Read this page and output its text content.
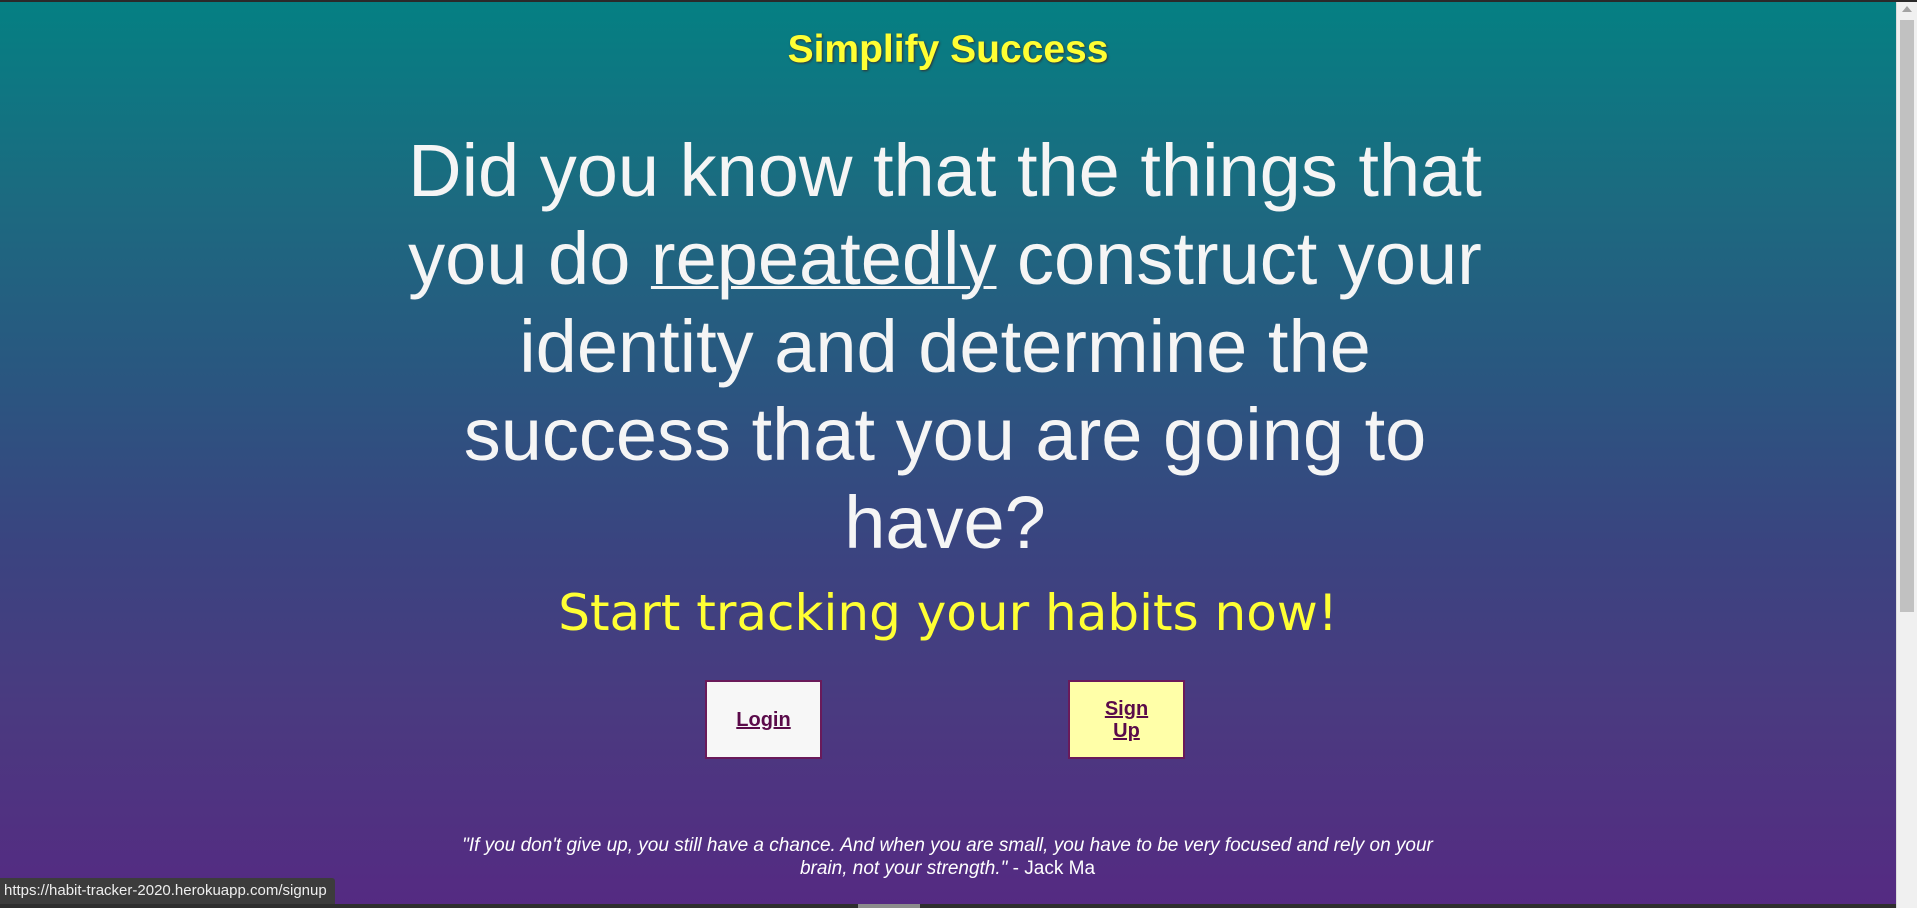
Simplify Success
Did you know that the things that you do repeatedly construct your identity and determine the success that you are going to have?
Start tracking your habits now!
Login	Sign Up
"If you don't give up, you still have a chance. And when you are small, you have to be very focused and rely on your brain, not your strength." - Jack Ma
https://habit-tracker-2020.herokuapp.com/signup
